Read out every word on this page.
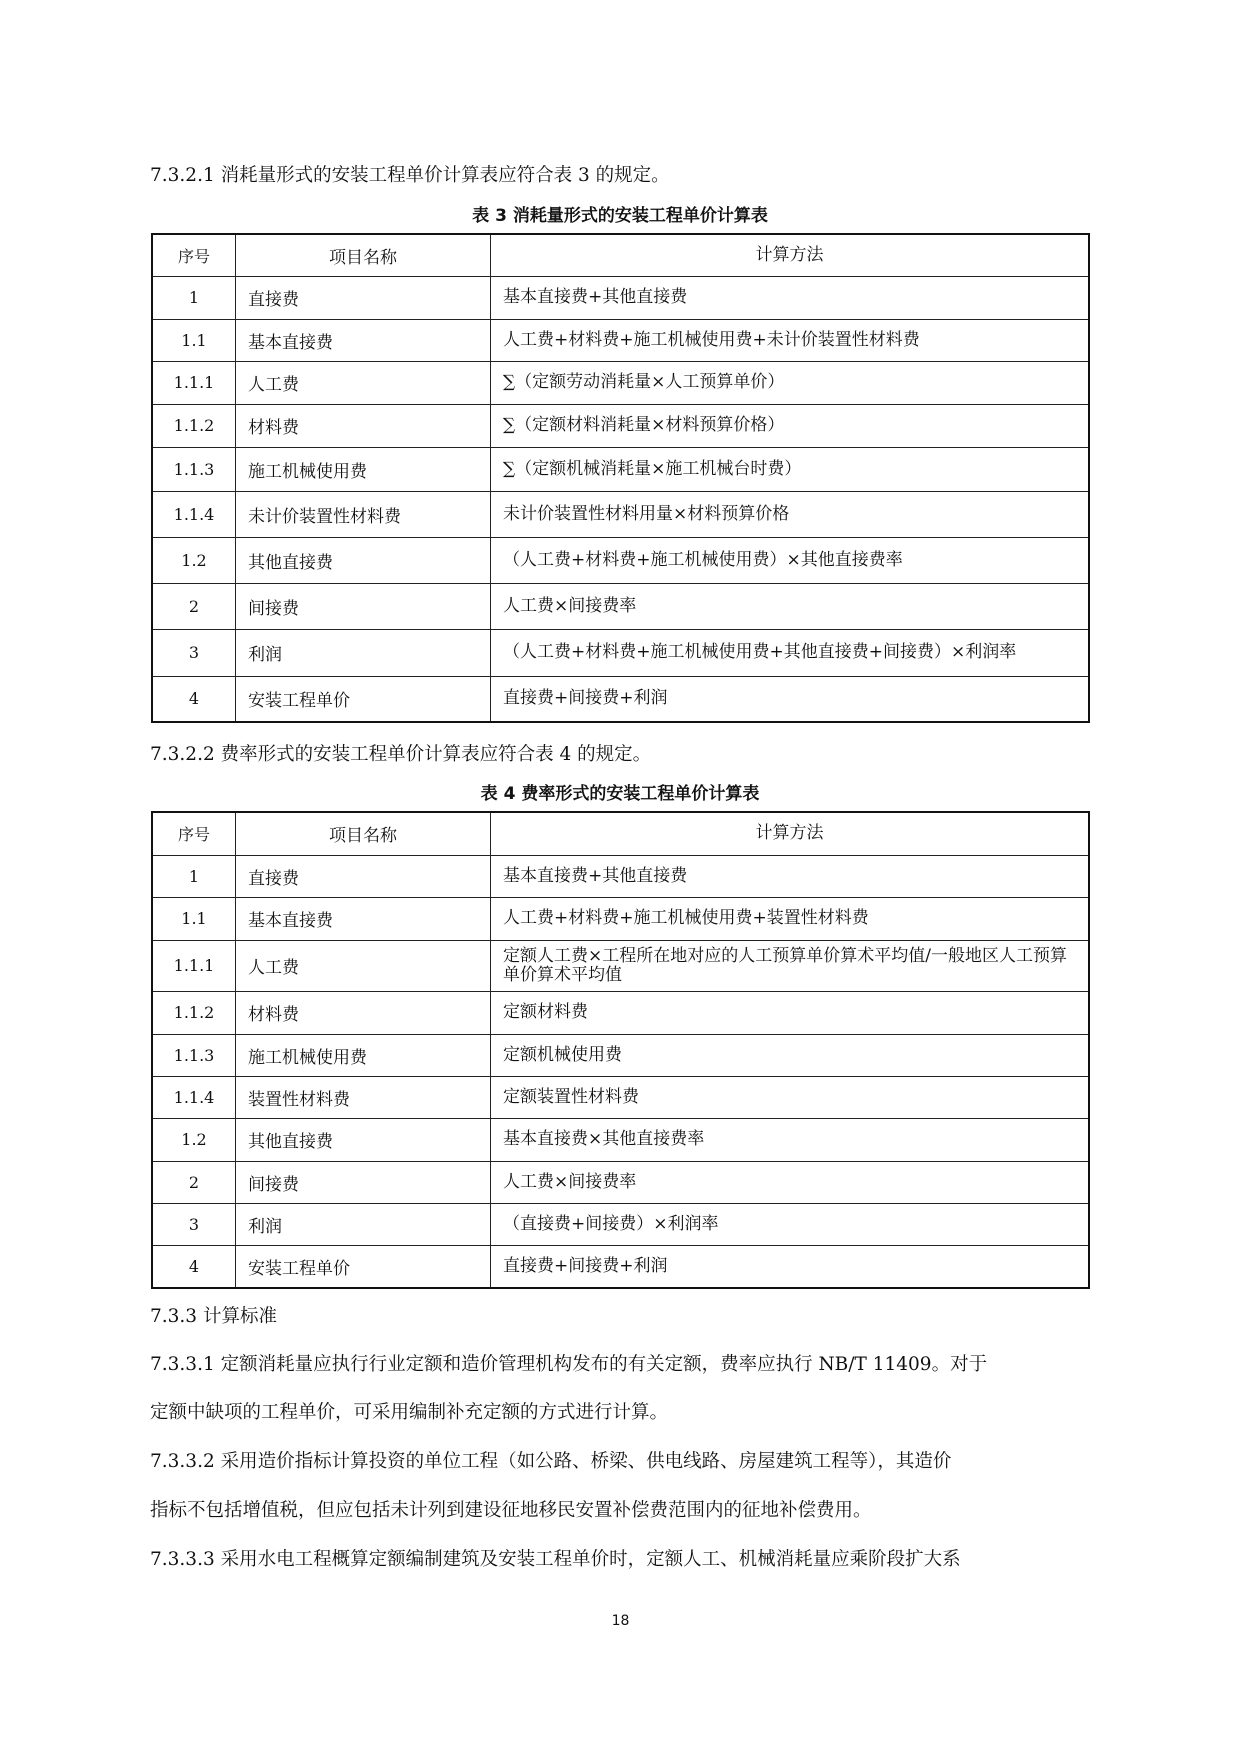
7.3.2.1 消耗量形式的安装工程单价计算表应符合表 3 的规定。
表 3 消耗量形式的安装工程单价计算表
序号	项目名称	计算方法
1	直接费	基本直接费+其他直接费
1.1	基本直接费	人工费+材料费+施工机械使用费+未计价装置性材料费
1.1.1	人工费	∑（定额劳动消耗量×人工预算单价）
1.1.2	材料费	∑（定额材料消耗量×材料预算价格）
1.1.3	施工机械使用费	∑（定额机械消耗量×施工机械台时费）
1.1.4	未计价装置性材料费	未计价装置性材料用量×材料预算价格
1.2	其他直接费	（人工费+材料费+施工机械使用费）×其他直接费率
2	间接费	人工费×间接费率
3	利润	（人工费+材料费+施工机械使用费+其他直接费+间接费）×利润率
4	安装工程单价	直接费+间接费+利润
7.3.2.2 费率形式的安装工程单价计算表应符合表 4 的规定。
表 4 费率形式的安装工程单价计算表
序号	项目名称	计算方法
1	直接费	基本直接费+其他直接费
1.1	基本直接费	人工费+材料费+施工机械使用费+装置性材料费
1.1.1	人工费	定额人工费×工程所在地对应的人工预算单价算术平均值/一般地区人工预算单价算术平均值
1.1.2	材料费	定额材料费
1.1.3	施工机械使用费	定额机械使用费
1.1.4	装置性材料费	定额装置性材料费
1.2	其他直接费	基本直接费×其他直接费率
2	间接费	人工费×间接费率
3	利润	（直接费+间接费）×利润率
4	安装工程单价	直接费+间接费+利润
7.3.3 计算标准
7.3.3.1 定额消耗量应执行行业定额和造价管理机构发布的有关定额，费率应执行 NB/T 11409。对于
定额中缺项的工程单价，可采用编制补充定额的方式进行计算。
7.3.3.2 采用造价指标计算投资的单位工程（如公路、桥梁、供电线路、房屋建筑工程等），其造价
指标不包括增值税，但应包括未计列到建设征地移民安置补偿费范围内的征地补偿费用。
7.3.3.3 采用水电工程概算定额编制建筑及安装工程单价时，定额人工、机械消耗量应乘阶段扩大系
18
